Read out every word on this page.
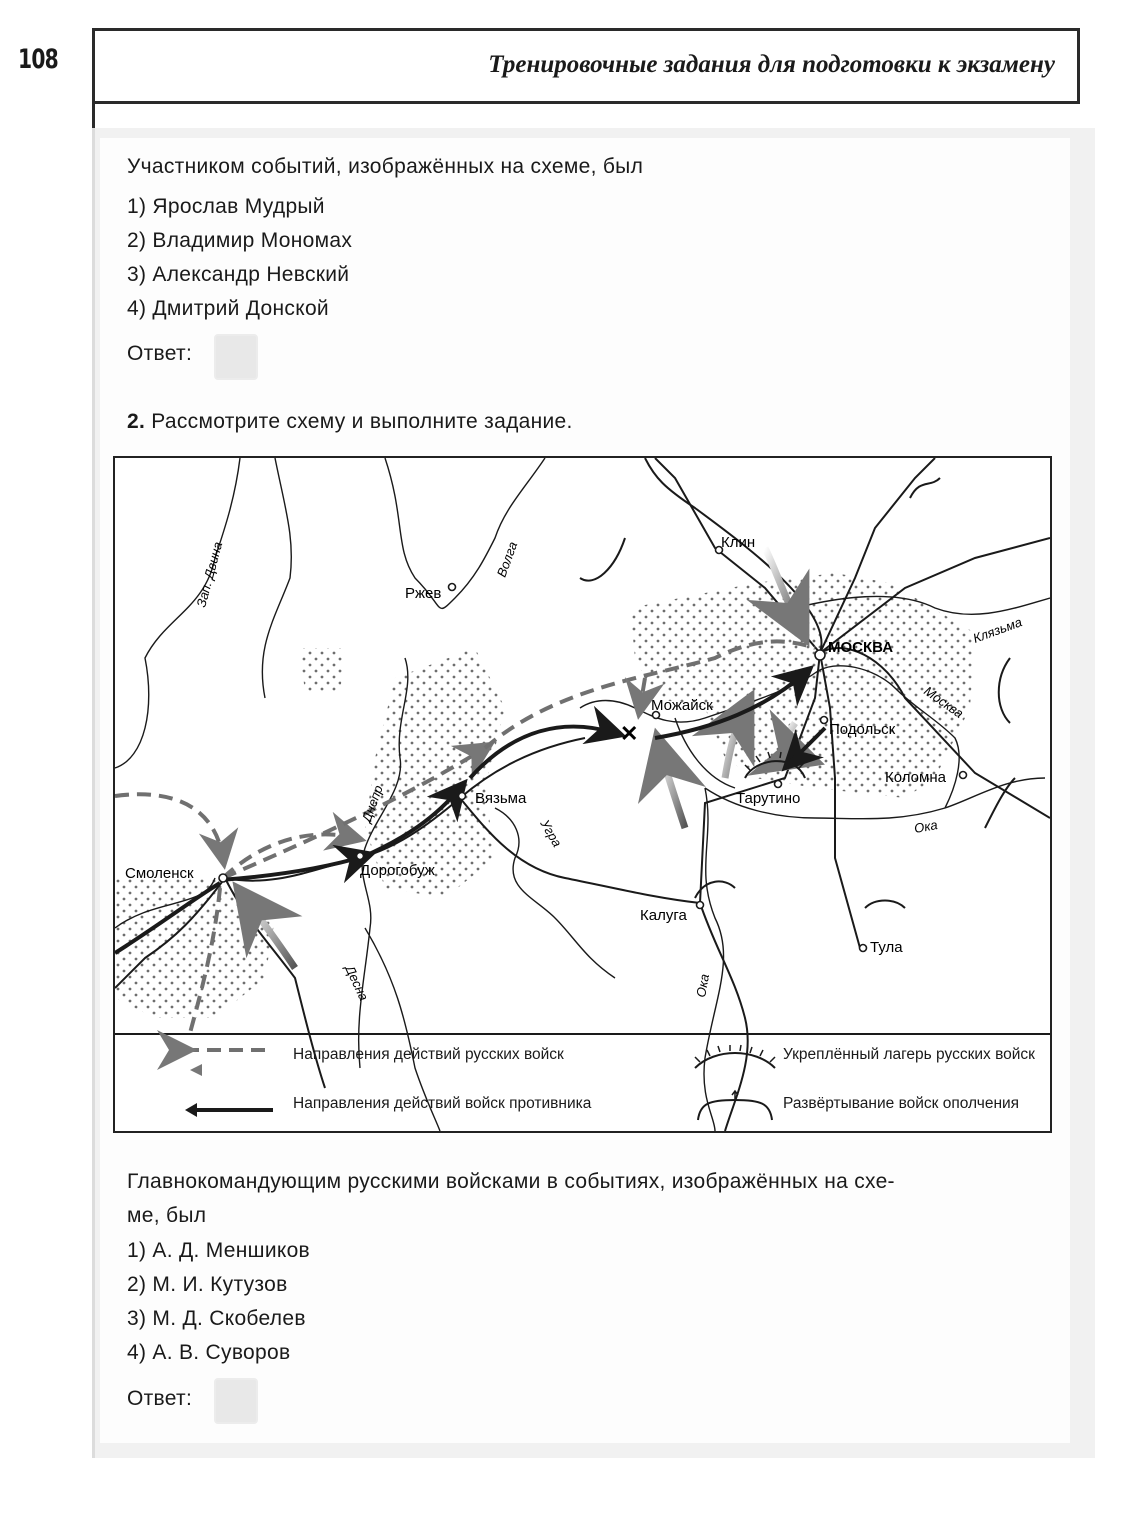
108	Тренировочные задания для подготовки к экзамену
Участником событий, изображённых на схеме, был
1) Ярослав Мудрый
2) Владимир Мономах
3) Александр Невский
4) Дмитрий Донской
Ответ:
2. Рассмотрите схему и выполните задание.
✕
Клин
Ржев
МОСКВА
Можайск
Подольск
Коломна
Тарутино
Вязьма
Смоленск	Дорогобуж
Калуга
Тула
Зап. Двина	Волга
Клязьма
Москва
Ока
Ока
Угра
Днепр
Десна
Направления действий русских войск
Направления действий войск противника
Укреплённый лагерь русских войск
Развёртывание войск ополчения
Главнокомандующим русскими войсками в событиях, изображённых на схе-
ме, был
1) А. Д. Меншиков
2) М. И. Кутузов
3) М. Д. Скобелев
4) А. В. Суворов
Ответ:
